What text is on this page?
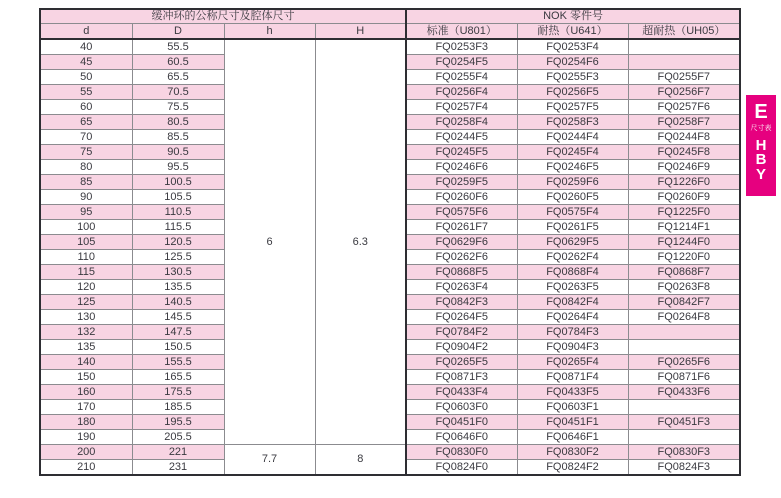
缓冲环的公称尺寸及腔体尺寸				NOK 零件号		
d	D	h	H	标准（U801）	耐热（U641）	超耐热（UH05）
40	55.5	6	6.3	FQ0253F3	FQ0253F4	
45	60.5			FQ0254F5	FQ0254F6	
50	65.5			FQ0255F4	FQ0255F3	FQ0255F7
55	70.5			FQ0256F4	FQ0256F5	FQ0256F7
60	75.5			FQ0257F4	FQ0257F5	FQ0257F6
65	80.5			FQ0258F4	FQ0258F3	FQ0258F7
70	85.5			FQ0244F5	FQ0244F4	FQ0244F8
75	90.5			FQ0245F5	FQ0245F4	FQ0245F8
80	95.5			FQ0246F6	FQ0246F5	FQ0246F9
85	100.5			FQ0259F5	FQ0259F6	FQ1226F0
90	105.5			FQ0260F6	FQ0260F5	FQ0260F9
95	110.5			FQ0575F6	FQ0575F4	FQ1225F0
100	115.5			FQ0261F7	FQ0261F5	FQ1214F1
105	120.5			FQ0629F6	FQ0629F5	FQ1244F0
110	125.5			FQ0262F6	FQ0262F4	FQ1220F0
115	130.5			FQ0868F5	FQ0868F4	FQ0868F7
120	135.5			FQ0263F4	FQ0263F5	FQ0263F8
125	140.5			FQ0842F3	FQ0842F4	FQ0842F7
130	145.5			FQ0264F5	FQ0264F4	FQ0264F8
132	147.5			FQ0784F2	FQ0784F3	
135	150.5			FQ0904F2	FQ0904F3	
140	155.5			FQ0265F5	FQ0265F4	FQ0265F6
150	165.5			FQ0871F3	FQ0871F4	FQ0871F6
160	175.5			FQ0433F4	FQ0433F5	FQ0433F6
170	185.5			FQ0603F0	FQ0603F1	
180	195.5			FQ0451F0	FQ0451F1	FQ0451F3
190	205.5			FQ0646F0	FQ0646F1	
200	221	7.7	8	FQ0830F0	FQ0830F2	FQ0830F3
210	231			FQ0824F0	FQ0824F2	FQ0824F3
E
尺寸表
H
B
Y
